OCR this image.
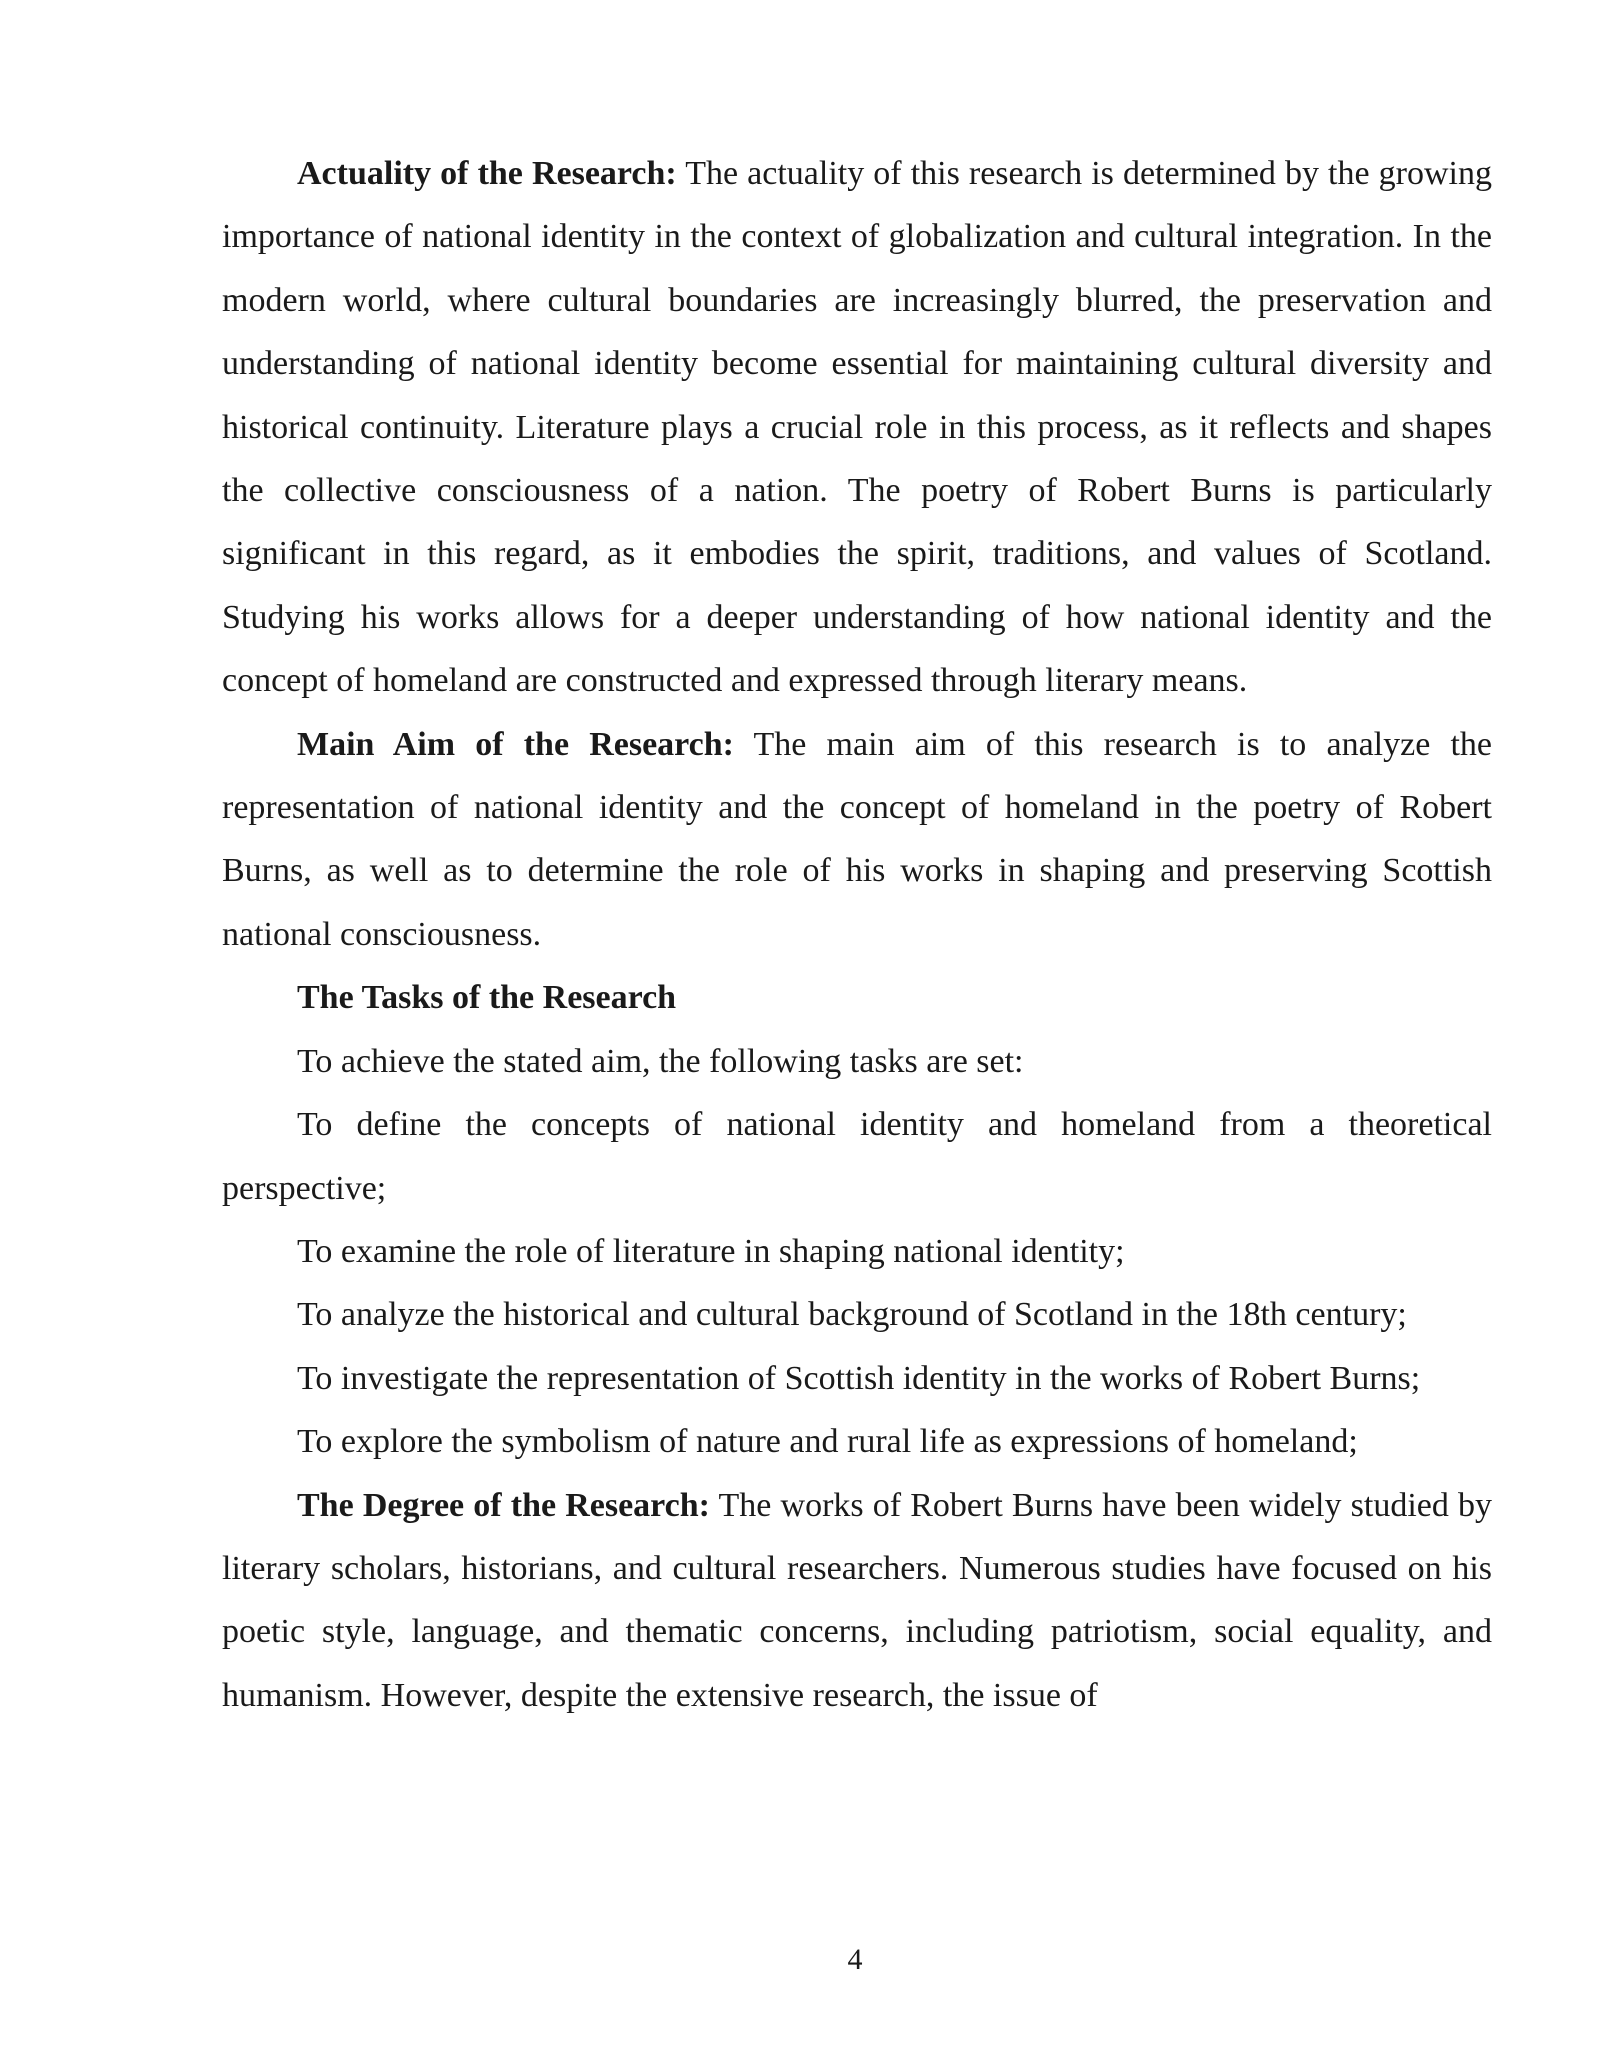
Actuality of the Research: The actuality of this research is determined by the growing importance of national identity in the context of globalization and cultural integration. In the modern world, where cultural boundaries are increasingly blurred, the preservation and understanding of national identity become essential for maintaining cultural diversity and historical continuity. Literature plays a crucial role in this process, as it reflects and shapes the collective consciousness of a nation. The poetry of Robert Burns is particularly significant in this regard, as it embodies the spirit, traditions, and values of Scotland. Studying his works allows for a deeper understanding of how national identity and the concept of homeland are constructed and expressed through literary means.

Main Aim of the Research: The main aim of this research is to analyze the representation of national identity and the concept of homeland in the poetry of Robert Burns, as well as to determine the role of his works in shaping and preserving Scottish national consciousness.

The Tasks of the Research

To achieve the stated aim, the following tasks are set:

To define the concepts of national identity and homeland from a theoretical perspective;

To examine the role of literature in shaping national identity;

To analyze the historical and cultural background of Scotland in the 18th century;

To investigate the representation of Scottish identity in the works of Robert Burns;

To explore the symbolism of nature and rural life as expressions of homeland;

The Degree of the Research: The works of Robert Burns have been widely studied by literary scholars, historians, and cultural researchers. Numerous studies have focused on his poetic style, language, and thematic concerns, including patriotism, social equality, and humanism. However, despite the extensive research, the issue of

4
